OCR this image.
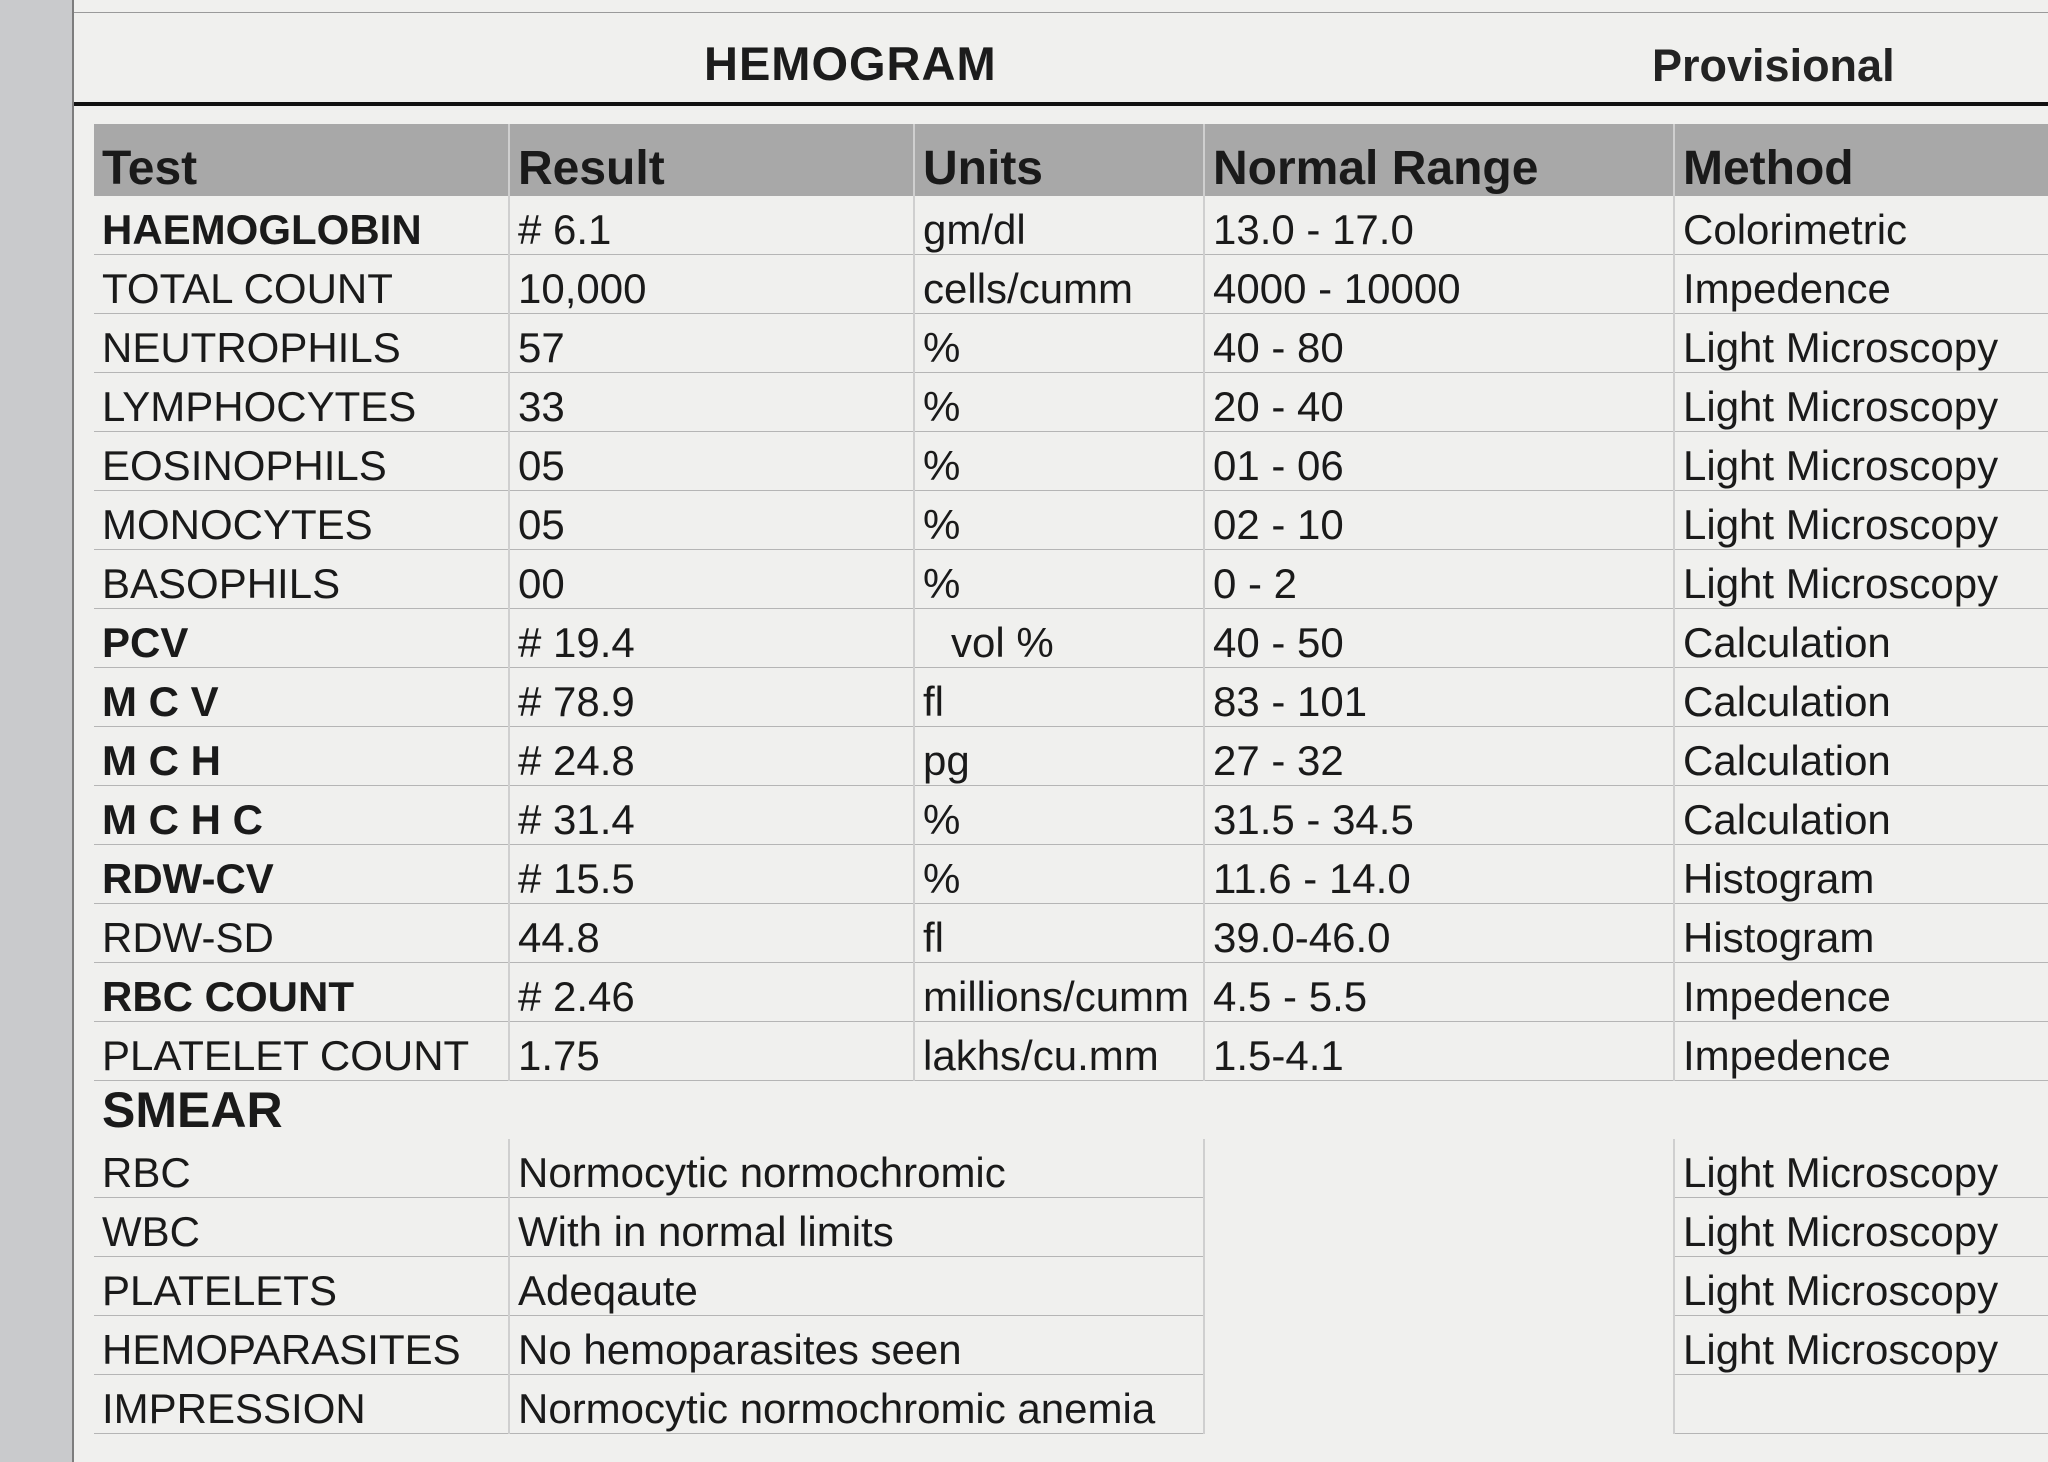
HEMOGRAM	Provisional
Test	Result	Units	Normal Range	Method
HAEMOGLOBIN	# 6.1	gm/dl	13.0 - 17.0	Colorimetric
TOTAL COUNT	10,000	cells/cumm	4000 - 10000	Impedence
NEUTROPHILS	57	%	40 - 80	Light Microscopy
LYMPHOCYTES	33	%	20 - 40	Light Microscopy
EOSINOPHILS	05	%	01 - 06	Light Microscopy
MONOCYTES	05	%	02 - 10	Light Microscopy
BASOPHILS	00	%	0 - 2	Light Microscopy
PCV	# 19.4	vol %	40 - 50	Calculation
M C V	# 78.9	fl	83 - 101	Calculation
M C H	# 24.8	pg	27 - 32	Calculation
M C H C	# 31.4	%	31.5 - 34.5	Calculation
RDW-CV	# 15.5	%	11.6 - 14.0	Histogram
RDW-SD	44.8	fl	39.0-46.0	Histogram
RBC COUNT	# 2.46	millions/cumm	4.5 - 5.5	Impedence
PLATELET COUNT	1.75	lakhs/cu.mm	1.5-4.1	Impedence
SMEAR				
RBC	Normocytic normochromic			Light Microscopy
WBC	With in normal limits			Light Microscopy
PLATELETS	Adeqaute			Light Microscopy
HEMOPARASITES	No hemoparasites seen			Light Microscopy
IMPRESSION	Normocytic normochromic anemia			
